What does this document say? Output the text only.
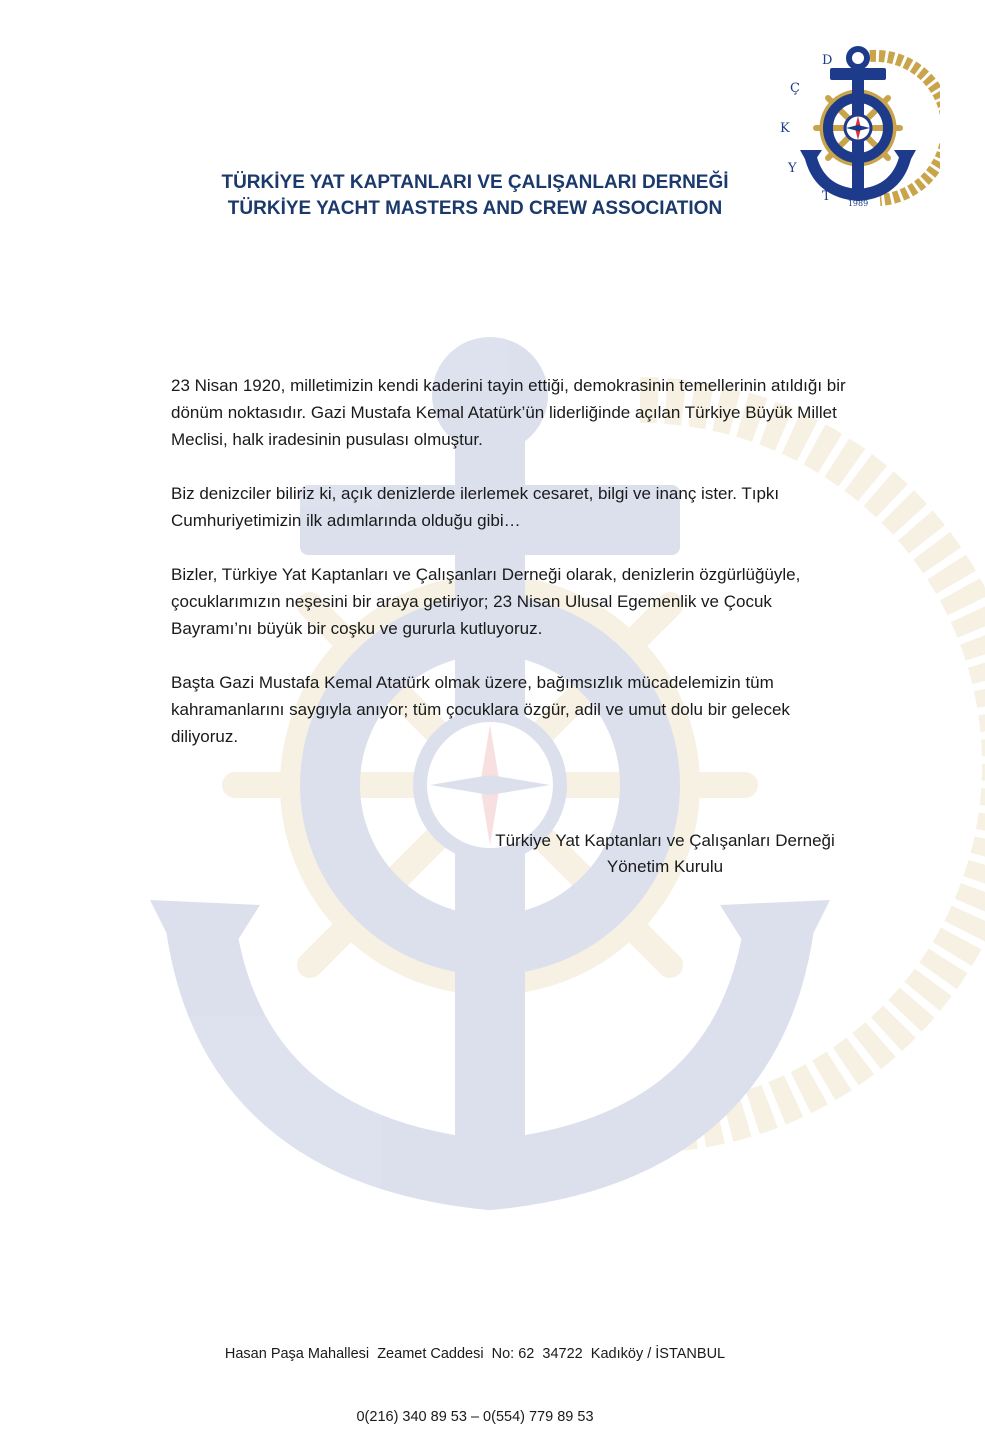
T
Y
K
Ç
D
1989
TÜRKİYE YAT KAPTANLARI VE ÇALIŞANLARI DERNEĞİ
TÜRKİYE YACHT MASTERS AND CREW ASSOCIATION

23 Nisan 1920, milletimizin kendi kaderini tayin ettiği, demokrasinin temellerinin atıldığı bir dönüm noktasıdır. Gazi Mustafa Kemal Atatürk’ün liderliğinde açılan Türkiye Büyük Millet Meclisi, halk iradesinin pusulası olmuştur.

Biz denizciler biliriz ki, açık denizlerde ilerlemek cesaret, bilgi ve inanç ister. Tıpkı Cumhuriyetimizin ilk adımlarında olduğu gibi…

Bizler, Türkiye Yat Kaptanları ve Çalışanları Derneği olarak, denizlerin özgürlüğüyle, çocuklarımızın neşesini bir araya getiriyor; 23 Nisan Ulusal Egemenlik ve Çocuk Bayramı’nı büyük bir coşku ve gururla kutluyoruz.

Başta Gazi Mustafa Kemal Atatürk olmak üzere, bağımsızlık mücadelemizin tüm kahramanlarını saygıyla anıyor; tüm çocuklara özgür, adil ve umut dolu bir gelecek diliyoruz.

Türkiye Yat Kaptanları ve Çalışanları Derneği
Yönetim Kurulu

Hasan Paşa Mahallesi  Zeamet Caddesi  No: 62  34722  Kadıköy / İSTANBUL

0(216) 340 89 53 – 0(554) 779 89 53
